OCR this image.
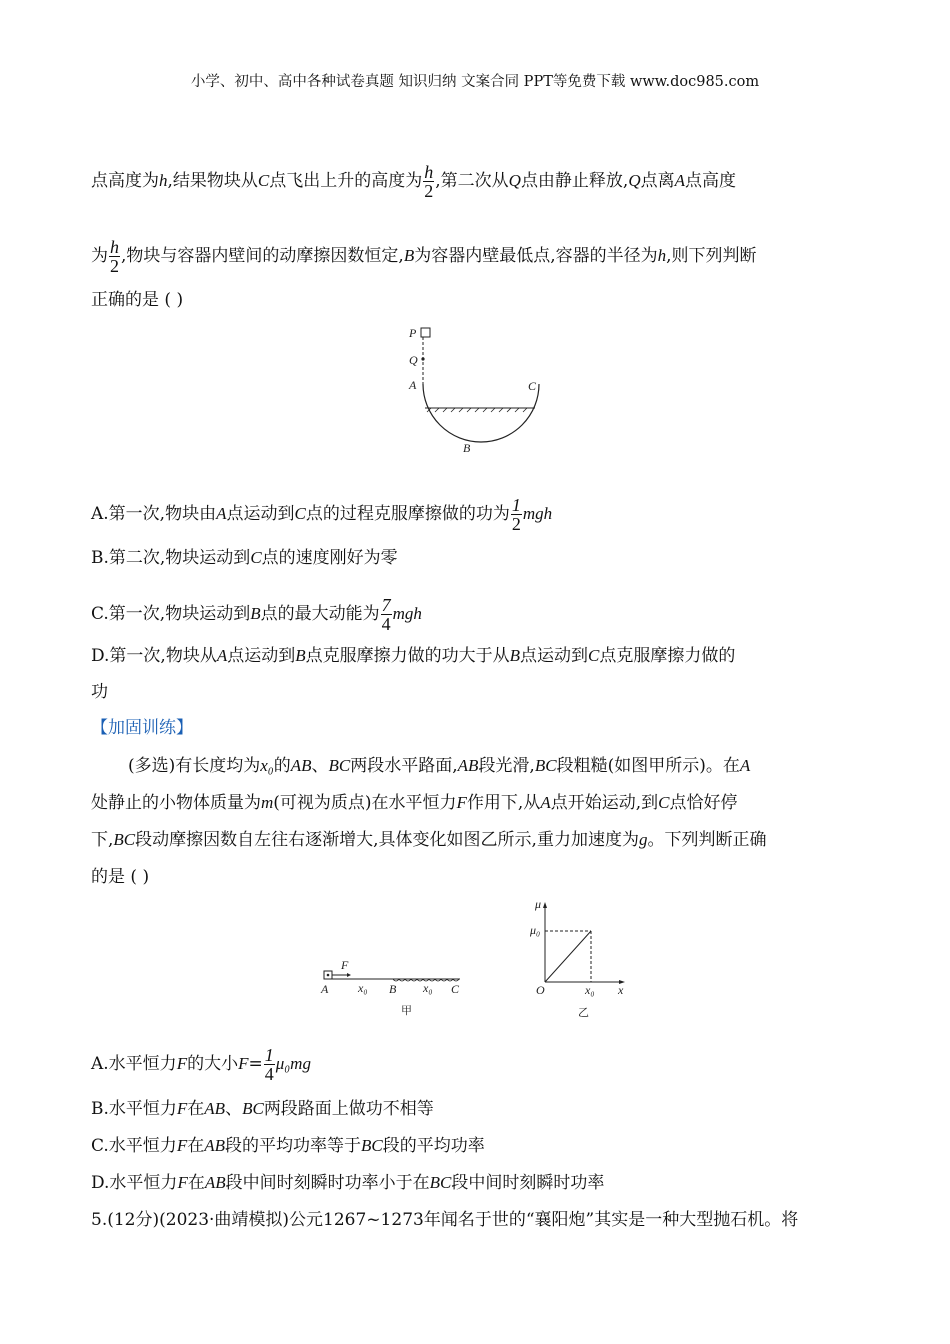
小学、初中、高中各种试卷真题 知识归纳 文案合同 PPT等免费下载 www.doc985.com
点高度为h,结果物块从C点飞出上升的高度为 $\frac{h}{2}$ ,第二次从Q点由静止释放,Q点离A点高度
为 $\frac{h}{2}$ ,物块与容器内壁间的动摩擦因数恒定,B为容器内壁最低点,容器的半径为h,则下列判断
正确的是 ( )
A.第一次,物块由A点运动到C点的过程克服摩擦做的功为 $\frac{1}{2}$ mgh
B.第二次,物块运动到C点的速度刚好为零
C.第一次,物块运动到B点的最大动能为 $\frac{7}{4}$ mgh
D.第一次,物块从A点运动到B点克服摩擦力做的功大于从B点运动到C点克服摩擦力做的
功
【加固训练】
(多选)有长度均为x₀的AB、BC两段水平路面,AB段光滑,BC段粗糙(如图甲所示)。在A
处静止的小物体质量为m(可视为质点)在水平恒力F作用下,从A点开始运动,到C点恰好停
下,BC段动摩擦因数自左往右逐渐增大,具体变化如图乙所示,重力加速度为g。下列判断正确
的是 ( )
A.水平恒力F的大小$F= \frac{1}{4} \mu_0mg$
B.水平恒力F在AB、BC两段路面上做功不相等
C.水平恒力F在AB段的平均功率等于BC段的平均功率
D.水平恒力F在AB段中间时刻瞬时功率小于在BC段中间时刻瞬时功率
5.(12分)(2023·曲靖模拟)公元1267~1273年闻名于世的“襄阳炮”其实是一种大型抛石机。将
P
Q
A	C
B
F
A x₀ B x₀ C
甲
μ
μ₀
O	x₀ x
乙
